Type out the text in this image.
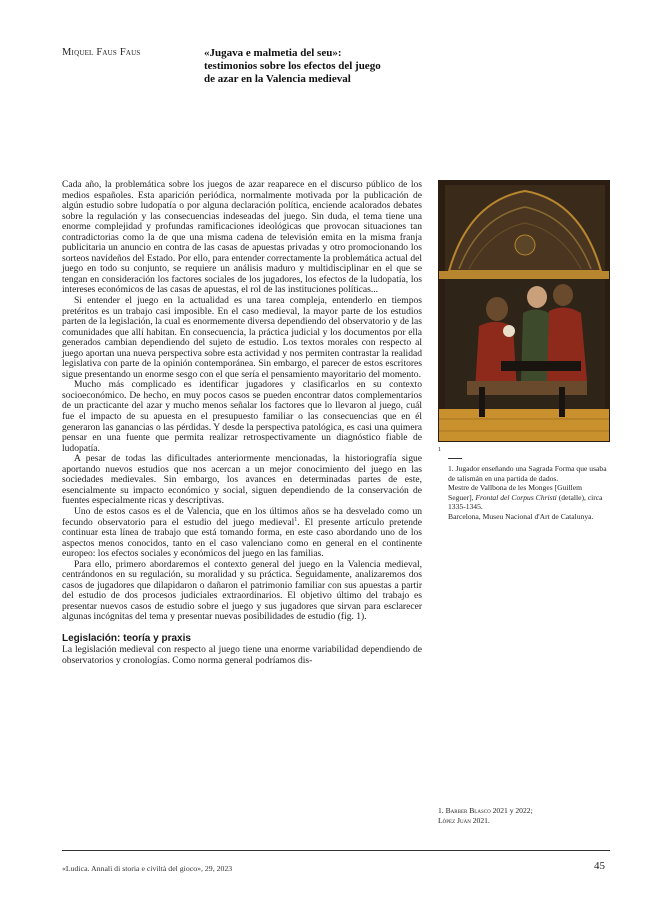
Miquel Faus Faus	«Jugava e malmetia del seu»:
testimonios sobre los efectos del juego
de azar en la Valencia medieval

Cada año, la problemática sobre los juegos de azar reaparece en el discurso público de los medios españoles. Esta aparición periódica, normalmente motivada por la publicación de algún estudio sobre ludopatía o por alguna declaración política, enciende acalorados debates sobre la regulación y las consecuencias indeseadas del juego. Sin duda, el tema tiene una enorme complejidad y profundas ramificaciones ideológicas que provocan situaciones tan contradictorias como la de que una misma cadena de televisión emita en la misma franja publicitaria un anuncio en contra de las casas de apuestas privadas y otro promocionando los sorteos navideños del Estado. Por ello, para entender correctamente la problemática actual del juego en todo su conjunto, se requiere un análisis maduro y multidisciplinar en el que se tengan en consideración los factores sociales de los jugadores, los efectos de la ludopatía, los intereses económicos de las casas de apuestas, el rol de las instituciones políticas...

Si entender el juego en la actualidad es una tarea compleja, entenderlo en tiempos pretéritos es un trabajo casi imposible. En el caso medieval, la mayor parte de los estudios parten de la legislación, la cual es enormemente diversa dependiendo del observatorio y de las comunidades que allí habitan. En consecuencia, la práctica judicial y los documentos por ella generados cambian dependiendo del sujeto de estudio. Los textos morales con respecto al juego aportan una nueva perspectiva sobre esta actividad y nos permiten contrastar la realidad legislativa con parte de la opinión contemporánea. Sin embargo, el parecer de estos escritores sigue presentando un enorme sesgo con el que sería el pensamiento mayoritario del momento.

Mucho más complicado es identificar jugadores y clasificarlos en su contexto socioeconómico. De hecho, en muy pocos casos se pueden encontrar datos complementarios de un practicante del azar y mucho menos señalar los factores que lo llevaron al juego, cuál fue el impacto de su apuesta en el presupuesto familiar o las consecuencias que en él generaron las ganancias o las pérdidas. Y desde la perspectiva patológica, es casi una quimera pensar en una fuente que permita realizar retrospectivamente un diagnóstico fiable de ludopatía.

A pesar de todas las dificultades anteriormente mencionadas, la historiografía sigue aportando nuevos estudios que nos acercan a un mejor conocimiento del juego en las sociedades medievales. Sin embargo, los avances en determinadas partes de este, esencialmente su impacto económico y social, siguen dependiendo de la conservación de fuentes especialmente ricas y descriptivas.

Uno de estos casos es el de Valencia, que en los últimos años se ha desvelado como un fecundo observatorio para el estudio del juego medieval$^1$. El presente artículo pretende continuar esta línea de trabajo que está tomando forma, en este caso abordando uno de los aspectos menos conocidos, tanto en el caso valenciano como en general en el continente europeo: los efectos sociales y económicos del juego en las familias.

Para ello, primero abordaremos el contexto general del juego en la Valencia medieval, centrándonos en su regulación, su moralidad y su práctica. Seguidamente, analizaremos dos casos de jugadores que dilapidaron o dañaron el patrimonio familiar con sus apuestas a partir del estudio de dos procesos judiciales extraordinarios. El objetivo último del trabajo es presentar nuevos casos de estudio sobre el juego y sus jugadores que sirvan para esclarecer algunas incógnitas del tema y presentar nuevas posibilidades de estudio (fig. 1).

Legislación: teoría y praxis

La legislación medieval con respecto al juego tiene una enorme variabilidad dependiendo de observatorios y cronologías. Como norma general podríamos dis-

1
1. Jugador enseñando una Sagrada Forma que usaba de talismán en una partida de dados.
Mestre de Vallbona de les Monges [Guillem Seguer], Frontal del Corpus Christi (detalle), circa 1335-1345.
Barcelona, Museu Nacional d'Art de Catalunya.
1. Barber Blasco 2021 y 2022;
López Juan 2021.
«Ludica. Annali di storia e civiltà del gioco», 29, 2023	45
